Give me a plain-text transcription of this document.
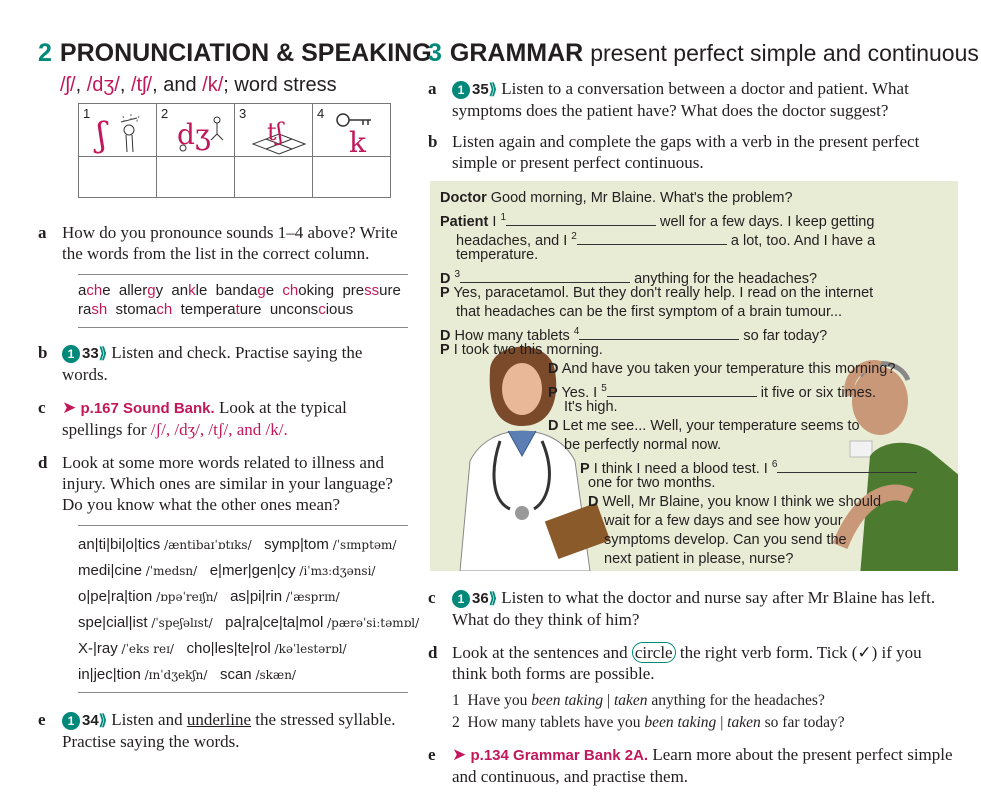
2 PRONUNCIATION & SPEAKING
/ʃ/, /dʒ/, /tʃ/, and /k/; word stress
1
ʃ	2
dʒ	3
tʃ	4
k

a How do you pronounce sounds 1–4 above? Write the words from the list in the correct column.
ache allergy ankle bandage choking pressure  rash stomach temperature unconscious
b 1 33⟫ Listen and check. Practise saying the words.
c ➤ p.167 Sound Bank. Look at the typical spellings for /ʃ/, /dʒ/, /tʃ/, and /k/.
d Look at some more words related to illness and injury. Which ones are similar in your language? Do you know what the other ones mean?
an|ti|bi|o|tics /æntibaɪˈɒtɪks/ symp|tom /ˈsɪmptəm/
medi|cine /ˈmedsn/ e|mer|gen|cy /iˈmɜːdʒənsi/
o|pe|ra|tion /ɒpəˈreɪʃn/ as|pi|rin /ˈæsprɪn/
spe|cial|ist /ˈspeʃəlɪst/ pa|ra|ce|ta|mol /pærəˈsiːtəmɒl/
X-|ray /ˈeks reɪ/ cho|les|te|rol /kəˈlestərɒl/
in|jec|tion /ɪnˈdʒekʃn/ scan /skæn/
e 1 34⟫ Listen and underline the stressed syllable. Practise saying the words.
3 GRAMMAR present perfect simple and continuous
a 1 35⟫ Listen to a conversation between a doctor and patient. What symptoms does the patient have? What does the doctor suggest?
b Listen again and complete the gaps with a verb in the present perfect simple or present perfect continuous.
Doctor Good morning, Mr Blaine. What's the problem?
Patient I $^1$	well for a few days. I keep getting
headaches, and I $^2$	a lot, too. And I have a
temperature.
D $^3$	anything for the headaches?
P Yes, paracetamol. But they don't really help. I read on the internet
that headaches can be the first symptom of a brain tumour...
D How many tablets $^4$	so far today?
P I took two this morning.
D And have you taken your temperature this morning?
P Yes. I $^5$	it five or six times.
It's high.
D Let me see... Well, your temperature seems to
be perfectly normal now.
P I think I need a blood test. I $^6$
one for two months.
D Well, Mr Blaine, you know I think we should
wait for a few days and see how your
symptoms develop. Can you send the
next patient in please, nurse?
c 1 36⟫ Listen to what the doctor and nurse say after Mr Blaine has left. What do they think of him?
d Look at the sentences and circle the right verb form. Tick (✓) if you think both forms are possible.
1  Have you been taking | taken anything for the headaches?
2  How many tablets have you been taking | taken so far today?
e ➤ p.134 Grammar Bank 2A. Learn more about the present perfect simple and continuous, and practise them.
